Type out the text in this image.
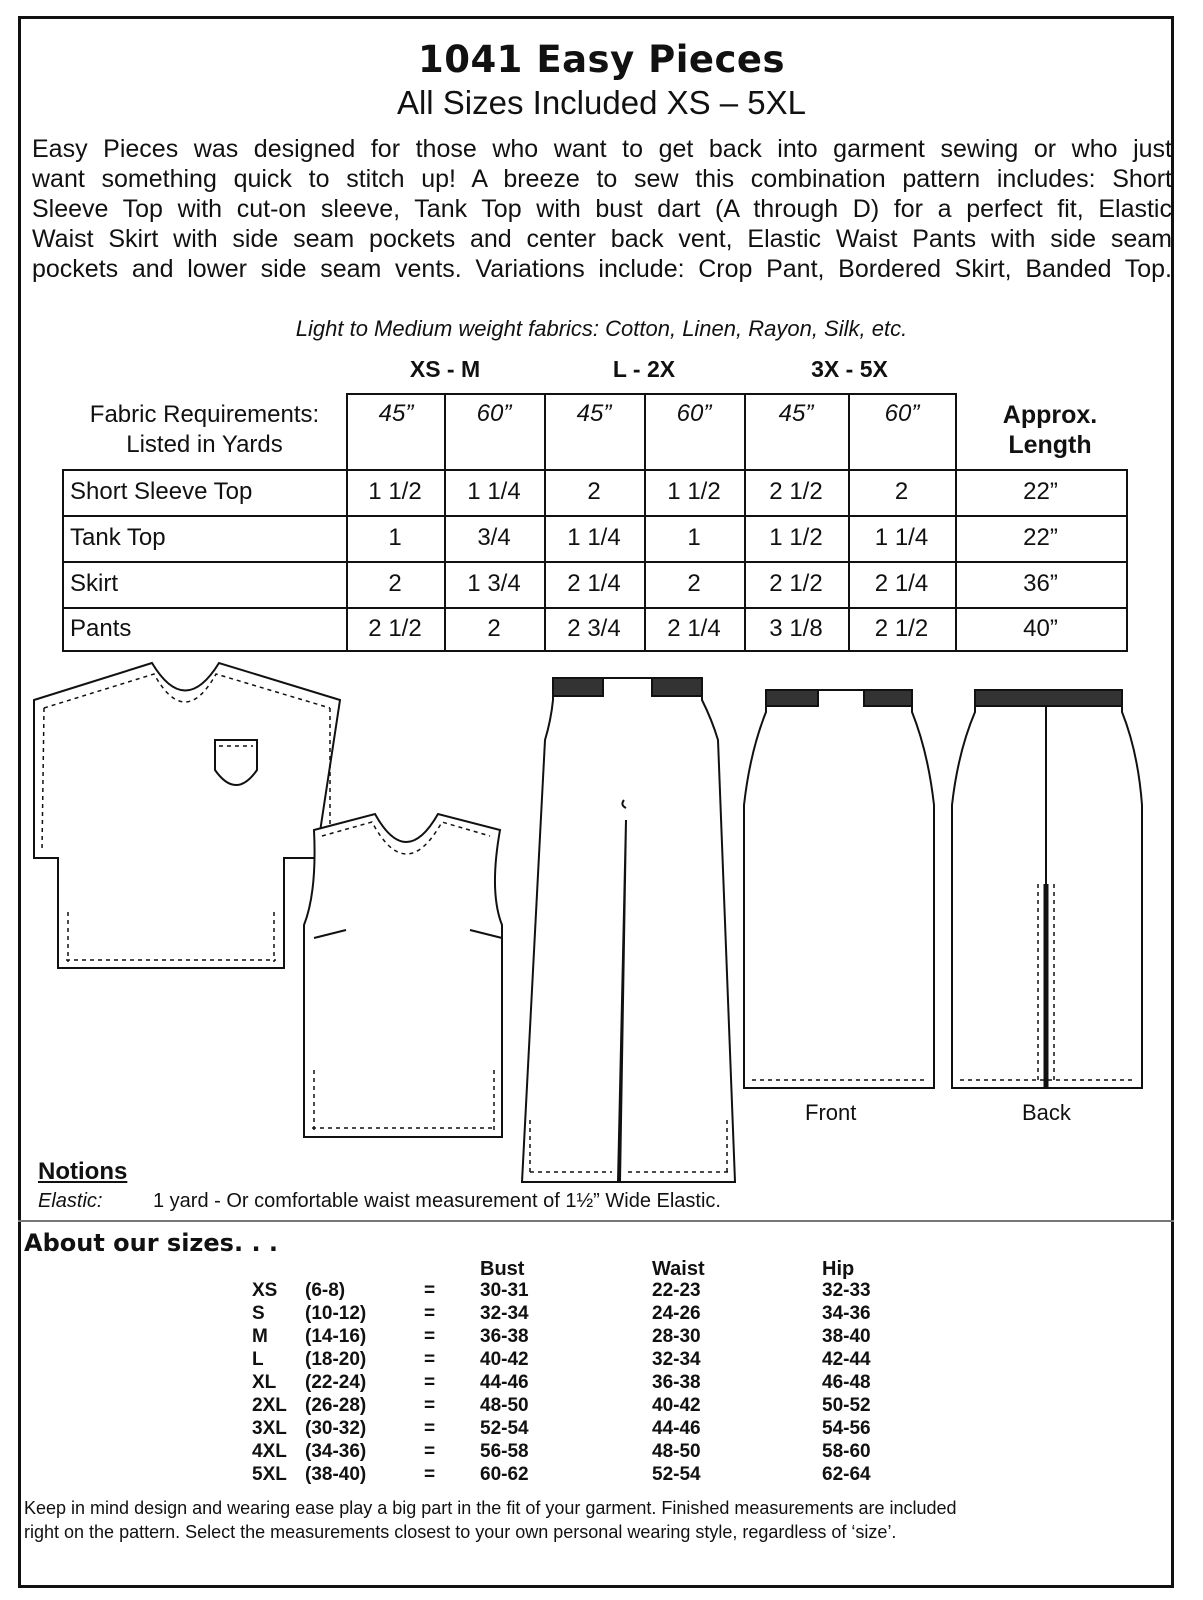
1041 Easy Pieces
All Sizes Included XS – 5XL
Easy Pieces was designed for those who want to get back into garment sewing or who just
want something quick to stitch up! A breeze to sew this combination pattern includes: Short
Sleeve Top with cut-on sleeve, Tank Top with bust dart (A through D) for a perfect fit, Elastic
Waist Skirt with side seam pockets and center back vent, Elastic Waist Pants with side seam
pockets and lower side seam vents. Variations include: Crop Pant, Bordered Skirt, Banded Top.
Light to Medium weight fabrics: Cotton, Linen, Rayon, Silk, etc.
XS - M	L - 2X	3X - 5X
Fabric Requirements:
Listed in Yards
Approx.
Length
45”	60”	45”	60”	45”	60”
Short Sleeve Top	1 1/2	1 1/4	2	1 1/2	2 1/2	2	22”
Tank Top	1	3/4	1 1/4	1	1 1/2	1 1/4	22”
Skirt	2	1 3/4	2 1/4	2	2 1/2	2 1/4	36”
Pants	2 1/2	2	2 3/4	2 1/4	3 1/8	2 1/2	40”
Front	Back
Notions
Elastic:	1 yard - Or comfortable waist measurement of 1½” Wide Elastic.
About our sizes. . .
Bust	Waist	Hip
XS (6-8)	= 30-31	22-23	32-33
S (10-12)	= 32-34	24-26	34-36
M (14-16)	= 36-38	28-30	38-40
L (18-20)	= 40-42	32-34	42-44
XL (22-24)	= 44-46	36-38	46-48
2XL (26-28)	= 48-50	40-42	50-52
3XL (30-32)	= 52-54	44-46	54-56
4XL (34-36)	= 56-58	48-50	58-60
5XL (38-40)	= 60-62	52-54	62-64
Keep in mind design and wearing ease play a big part in the fit of your garment. Finished measurements are included
right on the pattern. Select the measurements closest to your own personal wearing style, regardless of ‘size’.
